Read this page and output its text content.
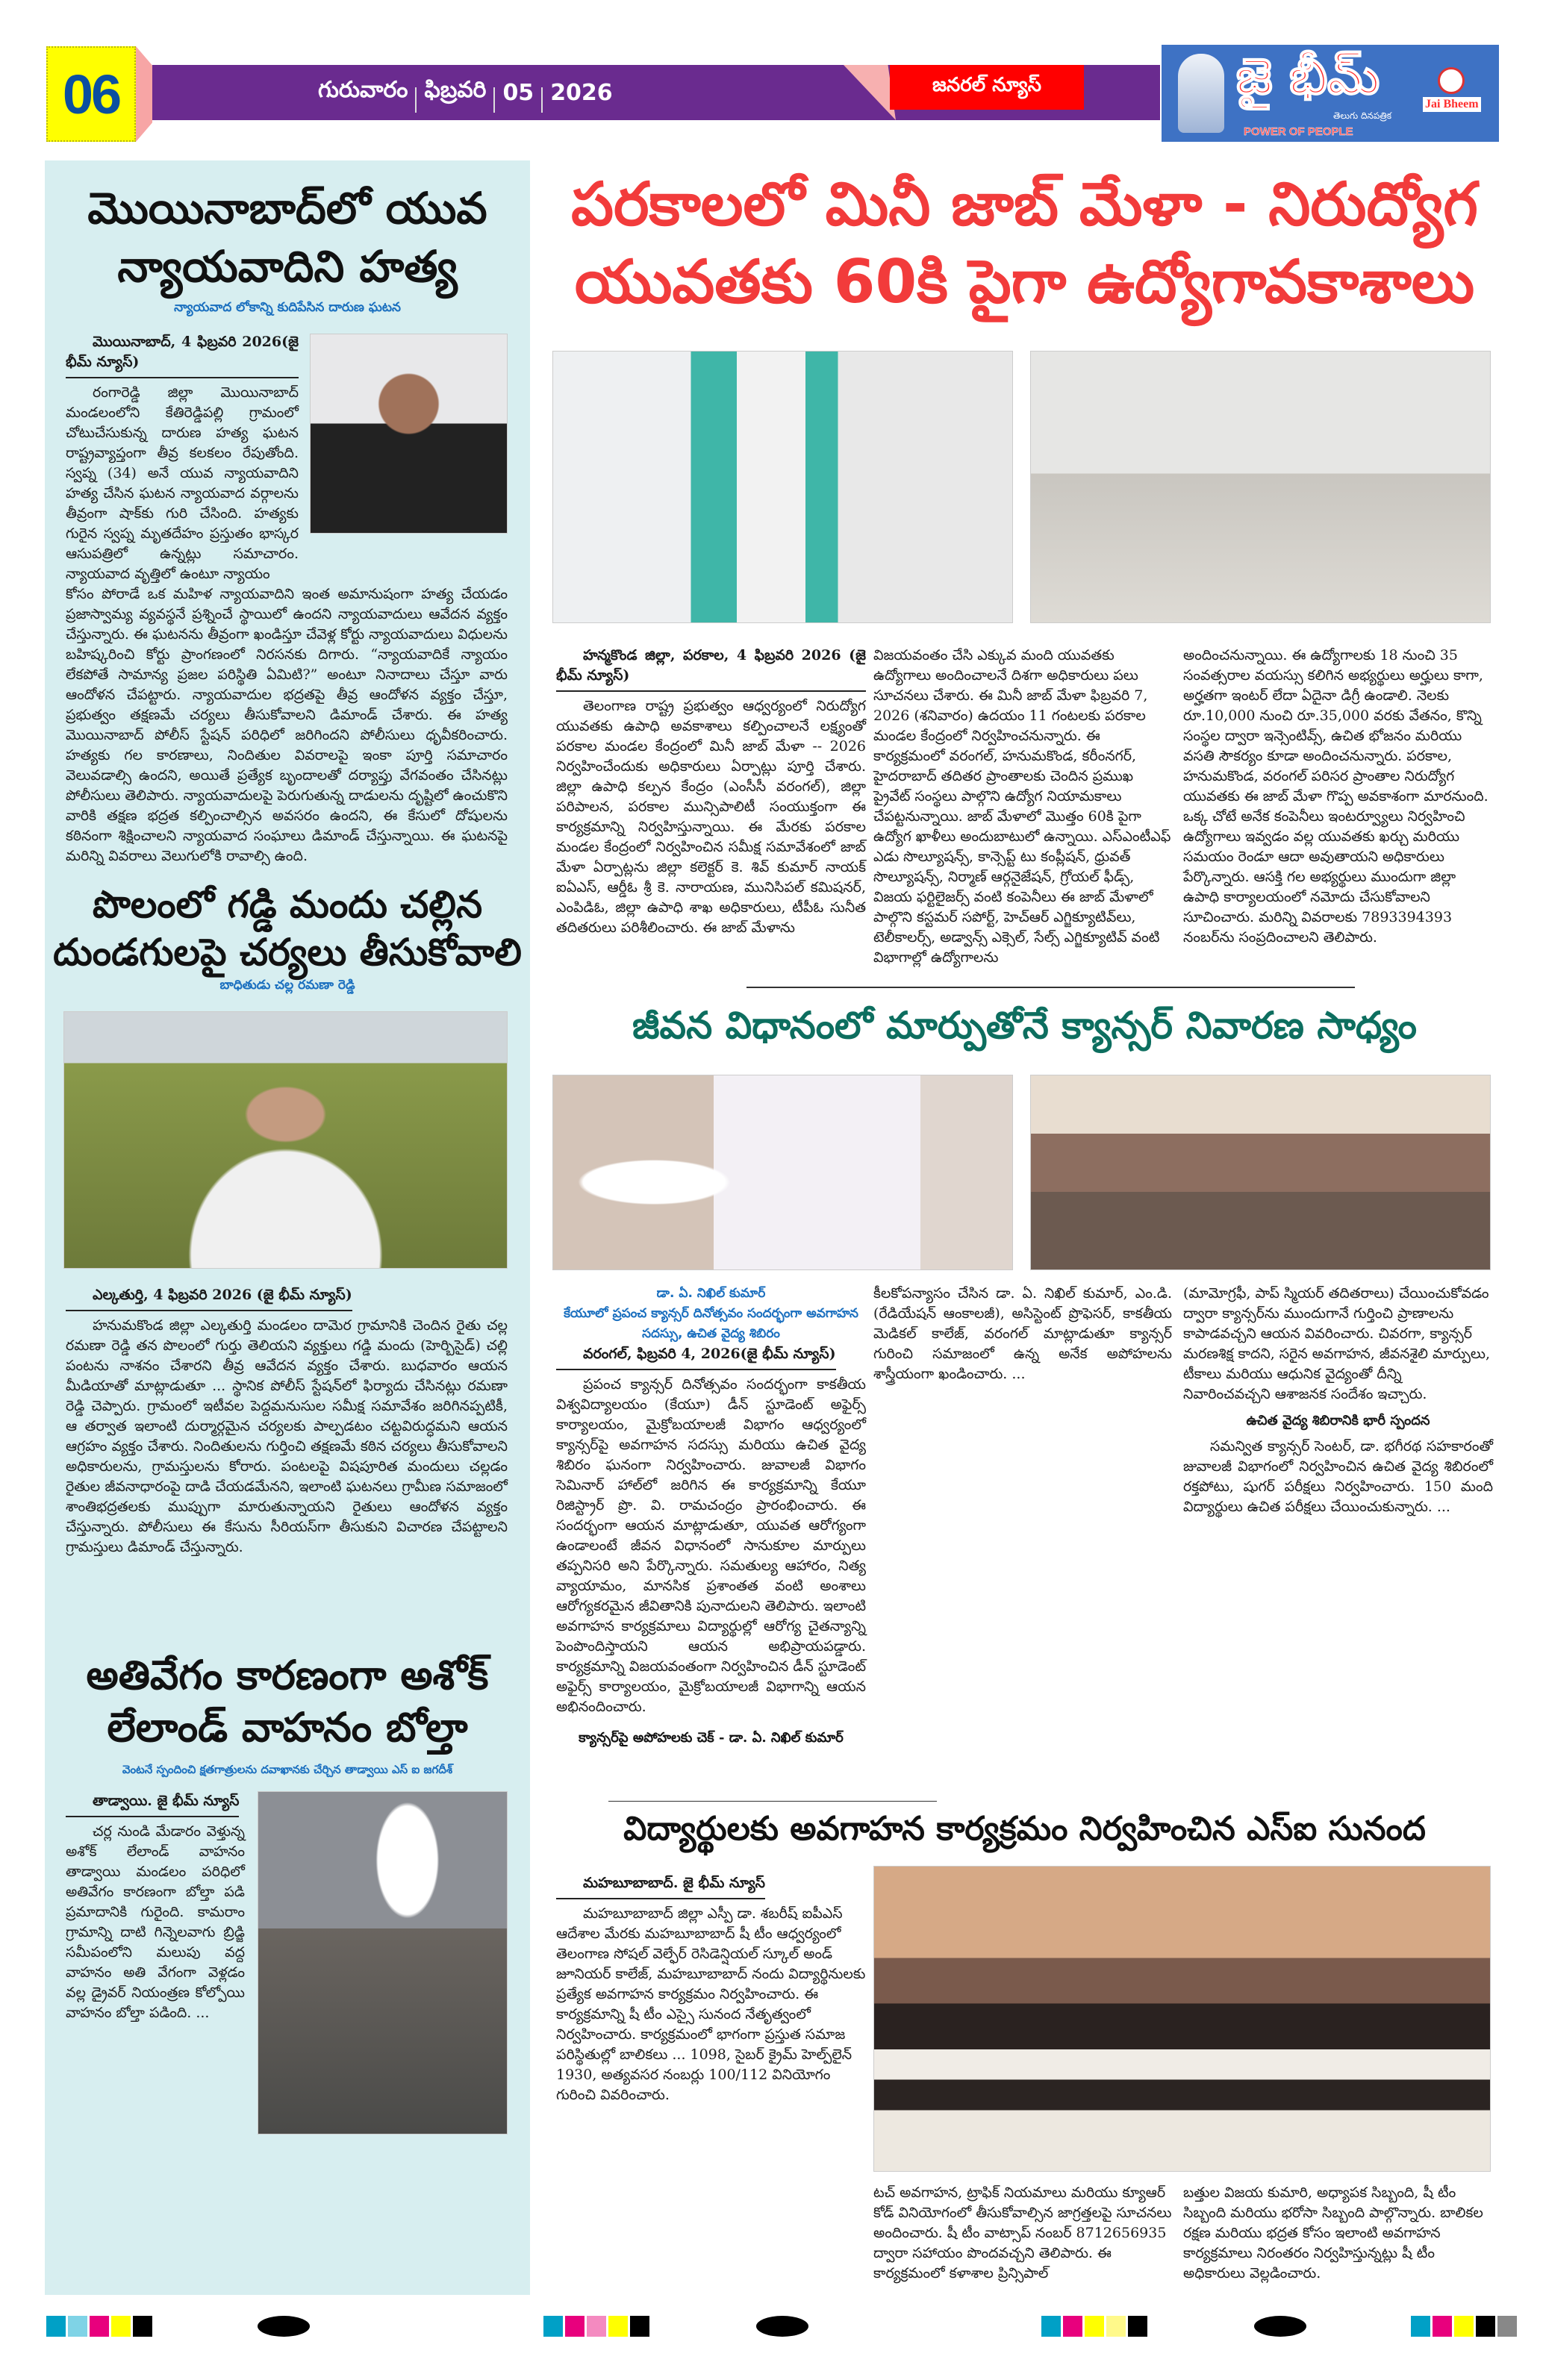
06	గురువారం ఫిబ్రవరి 05 2026	జనరల్ న్యూస్	జై భీమ్
తెలుగు దినపత్రిక
POWER OF PEOPLE
Jai Bheem
మొయినాబాద్‌లో యువ న్యాయవాదిని హత్య
న్యాయవాద లోకాన్ని కుదిపేసిన దారుణ ఘటన
మొయినాబాద్, 4 ఫిబ్రవరి 2026(జై భీమ్ న్యూస్)

రంగారెడ్డి జిల్లా మొయినాబాద్ మండలంలోని కేతిరెడ్డిపల్లి గ్రామంలో చోటుచేసుకున్న దారుణ హత్య ఘటన రాష్ట్రవ్యాప్తంగా తీవ్ర కలకలం రేపుతోంది. స్వప్న (34) అనే యువ న్యాయవాదిని హత్య చేసిన ఘటన న్యాయవాద వర్గాలను తీవ్రంగా షాక్‌కు గురి చేసింది. హత్యకు గురైన స్వప్న మృతదేహం ప్రస్తుతం భాస్కర ఆసుపత్రిలో ఉన్నట్లు సమాచారం. న్యాయవాద వృత్తిలో ఉంటూ న్యాయం

కోసం పోరాడే ఒక మహిళ న్యాయవాదిని ఇంత అమానుషంగా హత్య చేయడం ప్రజాస్వామ్య వ్యవస్థనే ప్రశ్నించే స్థాయిలో ఉందని న్యాయవాదులు ఆవేదన వ్యక్తం చేస్తున్నారు. ఈ ఘటనను తీవ్రంగా ఖండిస్తూ చేవెళ్ల కోర్టు న్యాయవాదులు విధులను బహిష్కరించి కోర్టు ప్రాంగణంలో నిరసనకు దిగారు. “న్యాయవాదికే న్యాయం లేకపోతే సామాన్య ప్రజల పరిస్థితి ఏమిటి?” అంటూ నినాదాలు చేస్తూ వారు ఆందోళన చేపట్టారు. న్యాయవాదుల భద్రతపై తీవ్ర ఆందోళన వ్యక్తం చేస్తూ, ప్రభుత్వం తక్షణమే చర్యలు తీసుకోవాలని డిమాండ్ చేశారు. ఈ హత్య మొయినాబాద్ పోలీస్ స్టేషన్ పరిధిలో జరిగిందని పోలీసులు ధృవీకరించారు. హత్యకు గల కారణాలు, నిందితుల వివరాలపై ఇంకా పూర్తి సమాచారం వెలువడాల్సి ఉందని, అయితే ప్రత్యేక బృందాలతో దర్యాప్తు వేగవంతం చేసినట్లు పోలీసులు తెలిపారు. న్యాయవాదులపై పెరుగుతున్న దాడులను దృష్టిలో ఉంచుకొని వారికి తక్షణ భద్రత కల్పించాల్సిన అవసరం ఉందని, ఈ కేసులో దోషులను కఠినంగా శిక్షించాలని న్యాయవాద సంఘాలు డిమాండ్ చేస్తున్నాయి. ఈ ఘటనపై మరిన్ని వివరాలు వెలుగులోకి రావాల్సి ఉంది.
పొలంలో గడ్డి మందు చల్లిన దుండగులపై చర్యలు తీసుకోవాలి
బాధితుడు చల్ల రమణా రెడ్డి
ఎల్కతుర్తి, 4 ఫిబ్రవరి 2026 (జై భీమ్ న్యూస్)

హనుమకొండ జిల్లా ఎల్కతుర్తి మండలం దామెర గ్రామానికి చెందిన రైతు చల్ల రమణా రెడ్డి తన పొలంలో గుర్తు తెలియని వ్యక్తులు గడ్డి మందు (హెర్బిసైడ్) చల్లి పంటను నాశనం చేశారని తీవ్ర ఆవేదన వ్యక్తం చేశారు. బుధవారం ఆయన మీడియాతో మాట్లాడుతూ ... స్థానిక పోలీస్ స్టేషన్‌లో ఫిర్యాదు చేసినట్లు రమణా రెడ్డి చెప్పారు. గ్రామంలో ఇటీవల పెద్దమనుసుల సమీక్ష సమావేశం జరిగినప్పటికీ, ఆ తర్వాత ఇలాంటి దుర్మార్గమైన చర్యలకు పాల్పడటం చట్టవిరుద్ధమని ఆయన ఆగ్రహం వ్యక్తం చేశారు. నిందితులను గుర్తించి తక్షణమే కఠిన చర్యలు తీసుకోవాలని అధికారులను, గ్రామస్తులను కోరారు. పంటలపై విషపూరిత మందులు చల్లడం రైతుల జీవనాధారంపై దాడి చేయడమేనని, ఇలాంటి ఘటనలు గ్రామీణ సమాజంలో శాంతిభద్రతలకు ముప్పుగా మారుతున్నాయని రైతులు ఆందోళన వ్యక్తం చేస్తున్నారు. పోలీసులు ఈ కేసును సీరియస్‌గా తీసుకుని విచారణ చేపట్టాలని గ్రామస్తులు డిమాండ్ చేస్తున్నారు.

అతివేగం కారణంగా అశోక్ లేలాండ్ వాహనం బోల్తా
వెంటనే స్పందించి క్షతగాత్రులను దవాఖానకు చేర్చిన తాడ్వాయి ఎస్ ఐ జగదీశ్
తాడ్వాయి. జై భీమ్ న్యూస్

చర్ల నుండి మేడారం వెళ్తున్న అశోక్ లేలాండ్ వాహనం తాడ్వాయి మండలం పరిధిలో అతివేగం కారణంగా బోల్తా పడి ప్రమాదానికి గురైంది. కామరాం గ్రామాన్ని దాటి గిన్నెలవాగు బ్రిడ్జి సమీపంలోని మలుపు వద్ద వాహనం అతి వేగంగా వెళ్లడం వల్ల డ్రైవర్ నియంత్రణ కోల్పోయి వాహనం బోల్తా పడింది. ...

పరకాలలో మినీ జాబ్ మేళా - నిరుద్యోగ యువతకు 60కి పైగా ఉద్యోగావకాశాలు
హన్మకొండ జిల్లా, పరకాల, 4 ఫిబ్రవరి 2026 (జై భీమ్ న్యూస్)

తెలంగాణ రాష్ట్ర ప్రభుత్వం ఆధ్వర్యంలో నిరుద్యోగ యువతకు ఉపాధి అవకాశాలు కల్పించాలనే లక్ష్యంతో పరకాల మండల కేంద్రంలో మినీ జాబ్ మేళా -- 2026 నిర్వహించేందుకు అధికారులు ఏర్పాట్లు పూర్తి చేశారు. జిల్లా ఉపాధి కల్పన కేంద్రం (ఎంసీసీ వరంగల్), జిల్లా పరిపాలన, పరకాల మున్సిపాలిటీ సంయుక్తంగా ఈ కార్యక్రమాన్ని నిర్వహిస్తున్నాయి. ఈ మేరకు పరకాల మండల కేంద్రంలో నిర్వహించిన సమీక్ష సమావేశంలో జాబ్ మేళా ఏర్పాట్లను జిల్లా కలెక్టర్ కె. శివ్ కుమార్ నాయక్ ఐఏఎస్, ఆర్డీఓ శ్రీ కె. నారాయణ, మునిసిపల్ కమిషనర్, ఎంపిడిఓ, జిల్లా ఉపాధి శాఖ అధికారులు, టీపీఓ సునీత తదితరులు పరిశీలించారు. ఈ జాబ్ మేళాను

విజయవంతం చేసి ఎక్కువ మంది యువతకు ఉద్యోగాలు అందించాలనే దిశగా అధికారులు పలు సూచనలు చేశారు. ఈ మినీ జాబ్ మేళా ఫిబ్రవరి 7, 2026 (శనివారం) ఉదయం 11 గంటలకు పరకాల మండల కేంద్రంలో నిర్వహించనున్నారు. ఈ కార్యక్రమంలో వరంగల్, హనుమకొండ, కరీంనగర్, హైదరాబాద్ తదితర ప్రాంతాలకు చెందిన ప్రముఖ ప్రైవేట్ సంస్థలు పాల్గొని ఉద్యోగ నియామకాలు చేపట్టనున్నాయి. జాబ్ మేళాలో మొత్తం 60కి పైగా ఉద్యోగ ఖాళీలు అందుబాటులో ఉన్నాయి. ఎస్ఎంటీఎఫ్ ఎడు సొల్యూషన్స్, కాన్సెప్ట్ టు కంప్లీషన్, ధ్రువత్ సొల్యూషన్స్, నిర్మాణ్ ఆర్గనైజేషన్, గ్రోయల్ ఫీడ్స్, విజయ ఫర్టిలైజర్స్ వంటి కంపెనీలు ఈ జాబ్ మేళాలో పాల్గొని కస్టమర్ సపోర్ట్, హెచ్‌ఆర్ ఎగ్జిక్యూటివ్‌లు, టెలీకాలర్స్, అడ్వాన్స్ ఎక్సెల్, సేల్స్ ఎగ్జిక్యూటివ్ వంటి విభాగాల్లో ఉద్యోగాలను
అందించనున్నాయి. ఈ ఉద్యోగాలకు 18 నుంచి 35 సంవత్సరాల వయస్సు కలిగిన అభ్యర్థులు అర్హులు కాగా, అర్హతగా ఇంటర్ లేదా ఏదైనా డిగ్రీ ఉండాలి. నెలకు రూ.10,000 నుంచి రూ.35,000 వరకు వేతనం, కొన్ని సంస్థల ద్వారా ఇన్సెంటివ్స్, ఉచిత భోజనం మరియు వసతి సౌకర్యం కూడా అందించనున్నారు. పరకాల, హనుమకొండ, వరంగల్ పరిసర ప్రాంతాల నిరుద్యోగ యువతకు ఈ జాబ్ మేళా గొప్ప అవకాశంగా మారనుంది. ఒక్క చోటే అనేక కంపెనీలు ఇంటర్వ్యూలు నిర్వహించి ఉద్యోగాలు ఇవ్వడం వల్ల యువతకు ఖర్చు మరియు సమయం రెండూ ఆదా అవుతాయని అధికారులు పేర్కొన్నారు. ఆసక్తి గల అభ్యర్థులు ముందుగా జిల్లా ఉపాధి కార్యాలయంలో నమోదు చేసుకోవాలని సూచించారు. మరిన్ని వివరాలకు 7893394393 నంబర్‌ను సంప్రదించాలని తెలిపారు.
జీవన విధానంలో మార్పుతోనే క్యాన్సర్ నివారణ సాధ్యం
డా. ఏ. నిఖిల్ కుమార్
కేయూలో ప్రపంచ క్యాన్సర్ దినోత్సవం సందర్భంగా అవగాహన సదస్సు, ఉచిత వైద్య శిబిరం
వరంగల్, ఫిబ్రవరి 4, 2026(జై భీమ్ న్యూస్)

ప్రపంచ క్యాన్సర్ దినోత్సవం సందర్భంగా కాకతీయ విశ్వవిద్యాలయం (కేయూ) డీన్ స్టూడెంట్ అఫైర్స్ కార్యాలయం, మైక్రోబయాలజీ విభాగం ఆధ్వర్యంలో క్యాన్సర్‌పై అవగాహన సదస్సు మరియు ఉచిత వైద్య శిబిరం ఘనంగా నిర్వహించారు. జువాలజీ విభాగం సెమినార్ హాల్‌లో జరిగిన ఈ కార్యక్రమాన్ని కేయూ రిజిస్ట్రార్ ప్రొ. వి. రామచంద్రం ప్రారంభించారు. ఈ సందర్భంగా ఆయన మాట్లాడుతూ, యువత ఆరోగ్యంగా ఉండాలంటే జీవన విధానంలో సానుకూల మార్పులు తప్పనిసరి అని పేర్కొన్నారు. సమతుల్య ఆహారం, నిత్య వ్యాయామం, మానసిక ప్రశాంతత వంటి అంశాలు ఆరోగ్యకరమైన జీవితానికి పునాదులని తెలిపారు. ఇలాంటి అవగాహన కార్యక్రమాలు విద్యార్థుల్లో ఆరోగ్య చైతన్యాన్ని పెంపొందిస్తాయని ఆయన అభిప్రాయపడ్డారు. కార్యక్రమాన్ని విజయవంతంగా నిర్వహించిన డీన్ స్టూడెంట్ అఫైర్స్ కార్యాలయం, మైక్రోబయాలజీ విభాగాన్ని ఆయన అభినందించారు.

క్యాన్సర్‌పై అపోహలకు చెక్ - డా. ఏ. నిఖిల్ కుమార్
కీలకోపన్యాసం చేసిన డా. ఏ. నిఖిల్ కుమార్, ఎం.డి. (రేడియేషన్ ఆంకాలజీ), అసిస్టెంట్ ప్రొఫెసర్, కాకతీయ మెడికల్ కాలేజ్, వరంగల్ మాట్లాడుతూ క్యాన్సర్ గురించి సమాజంలో ఉన్న అనేక అపోహలను శాస్త్రీయంగా ఖండించారు. ...
(మామోగ్రఫీ, పాప్ స్మియర్ తదితరాలు) చేయించుకోవడం ద్వారా క్యాన్సర్‌ను ముందుగానే గుర్తించి ప్రాణాలను కాపాడవచ్చని ఆయన వివరించారు. చివరగా, క్యాన్సర్ మరణశిక్ష కాదని, సరైన అవగాహన, జీవనశైలి మార్పులు, టీకాలు మరియు ఆధునిక వైద్యంతో దీన్ని నివారించవచ్చని ఆశాజనక సందేశం ఇచ్చారు.
ఉచిత వైద్య శిబిరానికి భారీ స్పందన

సమన్విత క్యాన్సర్ సెంటర్, డా. భగీరథ సహకారంతో జువాలజీ విభాగంలో నిర్వహించిన ఉచిత వైద్య శిబిరంలో రక్తపోటు, షుగర్ పరీక్షలు నిర్వహించారు. 150 మంది విద్యార్థులు ఉచిత పరీక్షలు చేయించుకున్నారు. ...

విద్యార్థులకు అవగాహన కార్యక్రమం నిర్వహించిన ఎస్ఐ సునంద
మహబూబాబాద్. జై భీమ్ న్యూస్

మహబూబాబాద్ జిల్లా ఎస్పీ డా. శబరీష్ ఐపీఎస్ ఆదేశాల మేరకు మహబూబాబాద్ షీ టీం ఆధ్వర్యంలో తెలంగాణ సోషల్ వెల్ఫేర్ రెసిడెన్షియల్ స్కూల్ అండ్ జూనియర్ కాలేజ్, మహబూబాబాద్ నందు విద్యార్థినులకు ప్రత్యేక అవగాహన కార్యక్రమం నిర్వహించారు. ఈ కార్యక్రమాన్ని షీ టీం ఎస్సై సునంద నేతృత్వంలో నిర్వహించారు. కార్యక్రమంలో భాగంగా ప్రస్తుత సమాజ పరిస్థితుల్లో బాలికలు ... 1098, సైబర్ క్రైమ్ హెల్ప్‌లైన్ 1930, అత్యవసర నంబర్లు 100/112 వినియోగం గురించి వివరించారు.

టచ్ అవగాహన, ట్రాఫిక్ నియమాలు మరియు క్యూఆర్ కోడ్ వినియోగంలో తీసుకోవాల్సిన జాగ్రత్తలపై సూచనలు అందించారు. షీ టీం వాట్సాప్ నంబర్ 8712656935 ద్వారా సహాయం పొందవచ్చని తెలిపారు. ఈ కార్యక్రమంలో కళాశాల ప్రిన్సిపాల్
బత్తుల విజయ కుమారి, అధ్యాపక సిబ్బంది, షీ టీం సిబ్బంది మరియు భరోసా సిబ్బంది పాల్గొన్నారు. బాలికల రక్షణ మరియు భద్రత కోసం ఇలాంటి అవగాహన కార్యక్రమాలు నిరంతరం నిర్వహిస్తున్నట్లు షీ టీం అధికారులు వెల్లడించారు.
